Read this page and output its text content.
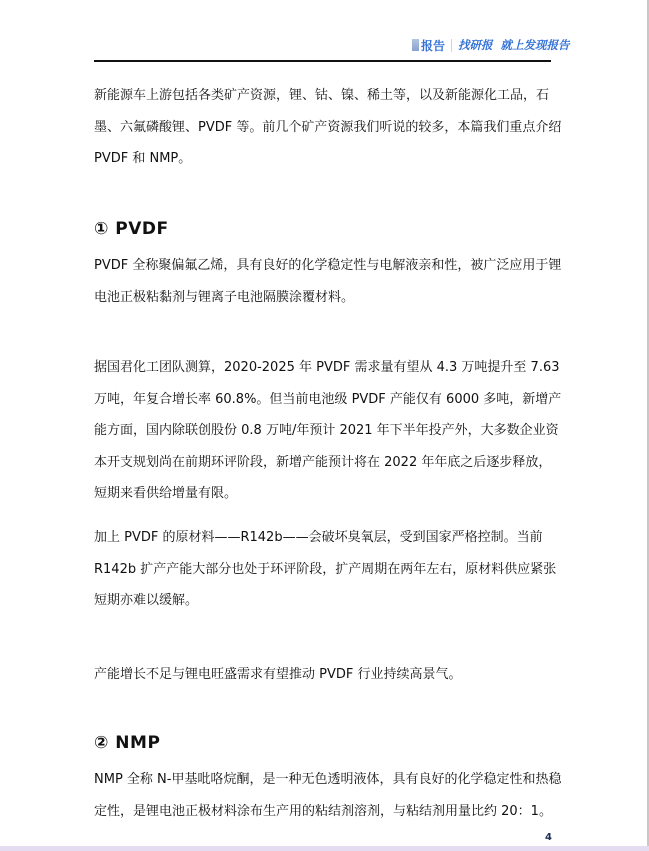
报告 找研报 就上发现报告

新能源车上游包括各类矿产资源，锂、钴、镍、稀土等，以及新能源化工品，石墨、六氟磷酸锂、PVDF 等。前几个矿产资源我们听说的较多，本篇我们重点介绍 PVDF 和 NMP。

① PVDF

PVDF 全称聚偏氟乙烯，具有良好的化学稳定性与电解液亲和性，被广泛应用于锂电池正极粘黏剂与锂离子电池隔膜涂覆材料。

据国君化工团队测算，2020-2025 年 PVDF 需求量有望从 4.3 万吨提升至 7.63 万吨，年复合增长率 60.8%。但当前电池级 PVDF 产能仅有 6000 多吨，新增产能方面，国内除联创股份 0.8 万吨/年预计 2021 年下半年投产外，大多数企业资本开支规划尚在前期环评阶段，新增产能预计将在 2022 年年底之后逐步释放，短期来看供给增量有限。

加上 PVDF 的原材料——R142b——会破坏臭氧层，受到国家严格控制。当前 R142b 扩产产能大部分也处于环评阶段，扩产周期在两年左右，原材料供应紧张短期亦难以缓解。

产能增长不足与锂电旺盛需求有望推动 PVDF 行业持续高景气。

② NMP

NMP 全称 N-甲基吡咯烷酮，是一种无色透明液体，具有良好的化学稳定性和热稳定性，是锂电池正极材料涂布生产用的粘结剂溶剂，与粘结剂用量比约 20：1。

4
